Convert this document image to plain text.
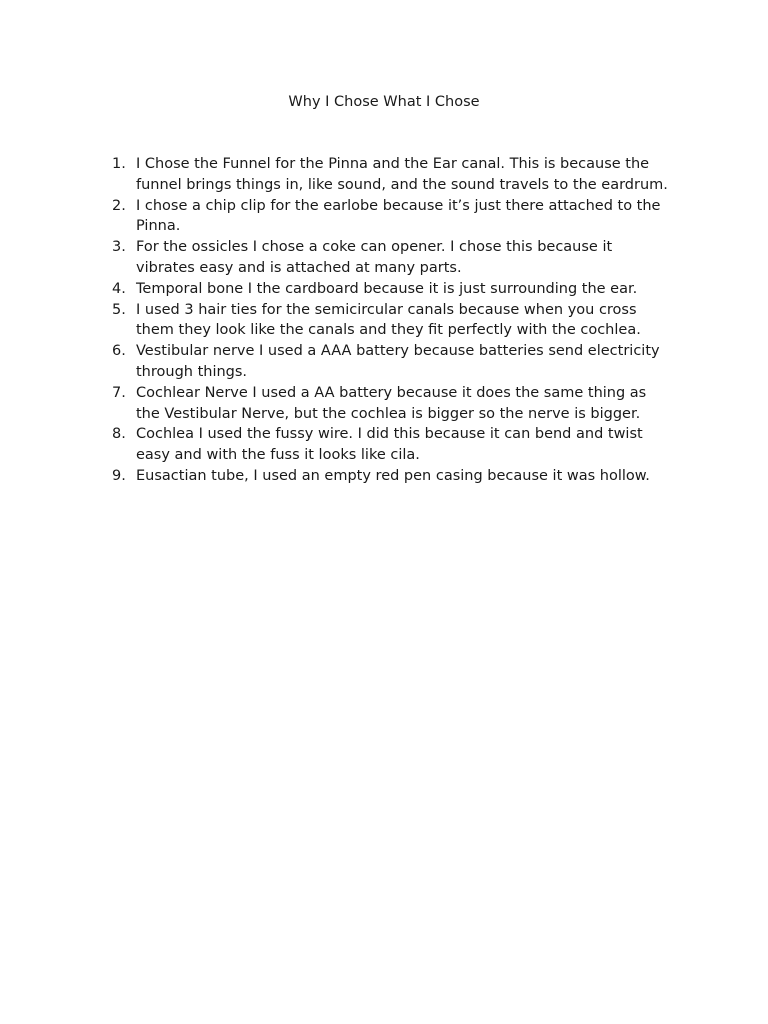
Why I Chose What I Chose
1. I Chose the Funnel for the Pinna and the Ear canal. This is because the funnel brings things in, like sound, and the sound travels to the eardrum.
2. I chose a chip clip for the earlobe because it’s just there attached to the Pinna.
3. For the ossicles I chose a coke can opener. I chose this because it vibrates easy and is attached at many parts.
4. Temporal bone I the cardboard because it is just surrounding the ear.
5. I used 3 hair ties for the semicircular canals because when you cross them they look like the canals and they fit perfectly with the cochlea.
6. Vestibular nerve I used a AAA battery because batteries send electricity through things.
7. Cochlear Nerve I used a AA battery because it does the same thing as the Vestibular Nerve, but the cochlea is bigger so the nerve is bigger.
8. Cochlea I used the fussy wire. I did this because it can bend and twist easy and with the fuss it looks like cila.
9. Eusactian tube, I used an empty red pen casing because it was hollow.
